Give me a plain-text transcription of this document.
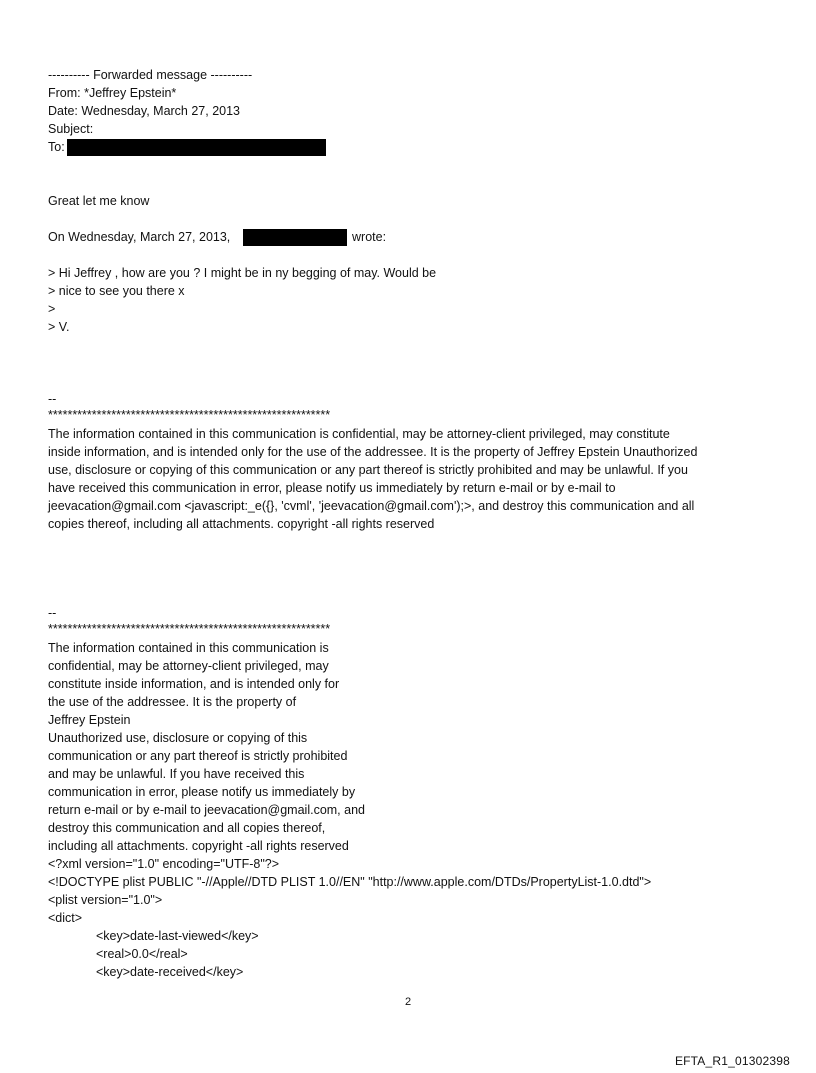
---------- Forwarded message ----------

From: *Jeffrey Epstein*

Date: Wednesday, March 27, 2013

Subject:

To:

Great let me know

On Wednesday, March 27, 2013,	wrote:

> Hi Jeffrey , how are you ? I might be in ny begging of may. Would be

> nice to see you there x

>

> V.

--

**********************************************************

The information contained in this communication is confidential, may be attorney-client privileged, may constitute

inside information, and is intended only for the use of the addressee. It is the property of Jeffrey Epstein Unauthorized

use, disclosure or copying of this communication or any part thereof is strictly prohibited and may be unlawful. If you

have received this communication in error, please notify us immediately by return e-mail or by e-mail to

jeevacation@gmail.com <javascript:_e({}, 'cvml', 'jeevacation@gmail.com');>, and destroy this communication and all

copies thereof, including all attachments. copyright -all rights reserved

--

**********************************************************

The information contained in this communication is

confidential, may be attorney-client privileged, may

constitute inside information, and is intended only for

the use of the addressee. It is the property of

Jeffrey Epstein

Unauthorized use, disclosure or copying of this

communication or any part thereof is strictly prohibited

and may be unlawful. If you have received this

communication in error, please notify us immediately by

return e-mail or by e-mail to jeevacation@gmail.com, and

destroy this communication and all copies thereof,

including all attachments. copyright -all rights reserved

<?xml version="1.0" encoding="UTF-8"?>

<!DOCTYPE plist PUBLIC "-//Apple//DTD PLIST 1.0//EN" "http://www.apple.com/DTDs/PropertyList-1.0.dtd">

<plist version="1.0">

<dict>

<key>date-last-viewed</key>

<real>0.0</real>

<key>date-received</key>

2
EFTA_R1_01302398
